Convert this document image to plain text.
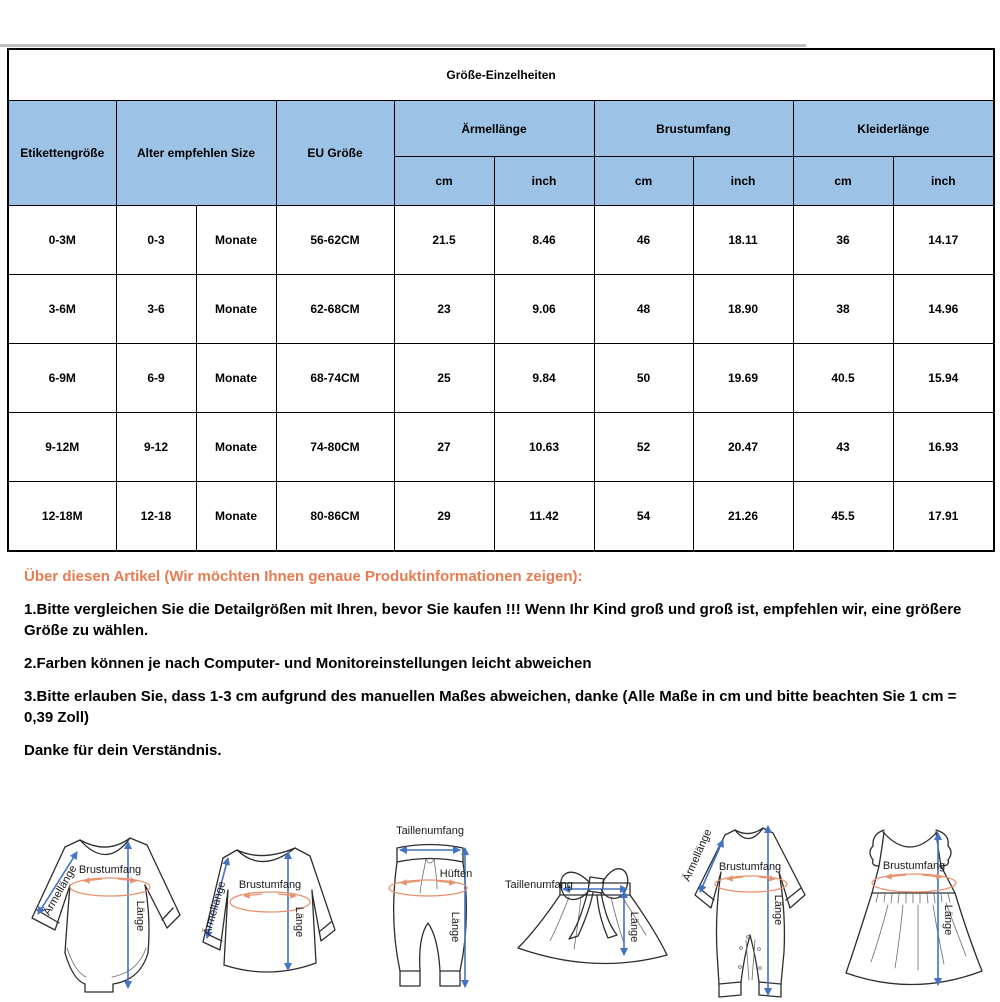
Größe-Einzelheiten									
Etikettengröße	Alter empfehlen Size		EU Größe	Ärmellänge		Brustumfang		Kleiderlänge	
				cm	inch	cm	inch	cm	inch
0-3M	0-3	Monate	56-62CM	21.5	8.46	46	18.11	36	14.17
3-6M	3-6	Monate	62-68CM	23	9.06	48	18.90	38	14.96
6-9M	6-9	Monate	68-74CM	25	9.84	50	19.69	40.5	15.94
9-12M	9-12	Monate	74-80CM	27	10.63	52	20.47	43	16.93
12-18M	12-18	Monate	80-86CM	29	11.42	54	21.26	45.5	17.91

Über diesen Artikel (Wir möchten Ihnen genaue Produktinformationen zeigen):

1.Bitte vergleichen Sie die Detailgrößen mit Ihren, bevor Sie kaufen !!! Wenn Ihr Kind groß und groß ist, empfehlen wir, eine größere Größe zu wählen.

2.Farben können je nach Computer- und Monitoreinstellungen leicht abweichen

3.Bitte erlauben Sie, dass 1-3 cm aufgrund des manuellen Maßes abweichen, danke (Alle Maße in cm und bitte beachten Sie 1 cm = 0,39 Zoll)

Danke für dein Verständnis.

Ärmellänge Brustumfang
Länge	Ärmellänge Brustumfang
Länge
Taillenumfang
Hüften
Länge
Taillenumfang
Länge
Ärmellänge Brustumfang
Länge
Brustumfang
Länge
